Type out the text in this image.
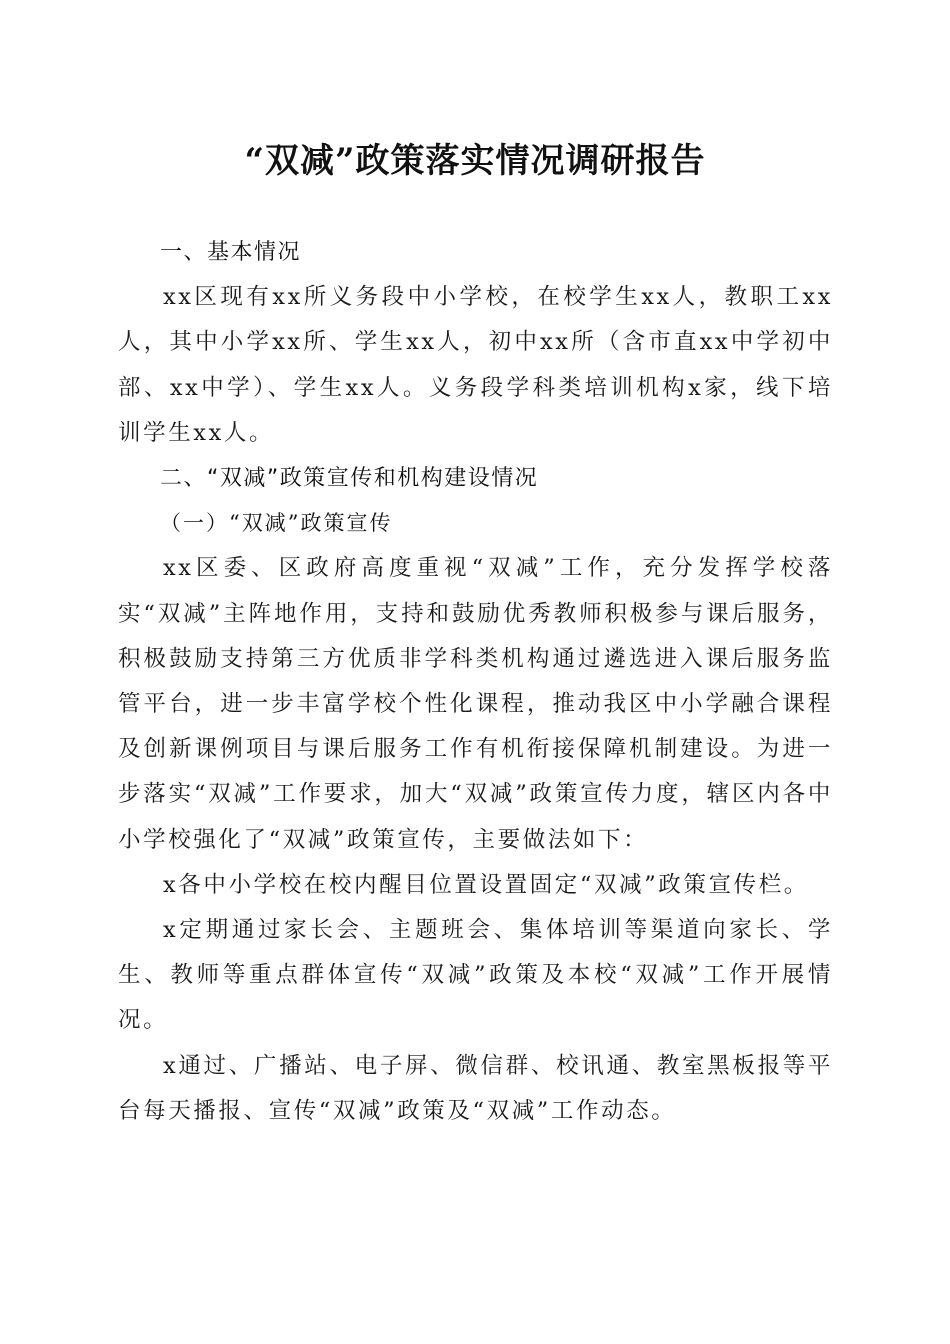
“双减”政策落实情况调研报告
一、基本情况

xx区现有xx所义务段中小学校，在校学生xx人，教职工xx人，其中小学xx所、学生xx人，初中xx所（含市直xx中学初中部、xx中学）、学生xx人。义务段学科类培训机构x家，线下培训学生xx人。

二、“双减”政策宣传和机构建设情况
（一）“双减”政策宣传

xx区委、区政府高度重视“双减”工作，充分发挥学校落实“双减”主阵地作用，支持和鼓励优秀教师积极参与课后服务，积极鼓励支持第三方优质非学科类机构通过遴选进入课后服务监管平台，进一步丰富学校个性化课程，推动我区中小学融合课程及创新课例项目与课后服务工作有机衔接保障机制建设。为进一步落实“双减”工作要求，加大“双减”政策宣传力度，辖区内各中小学校强化了“双减”政策宣传，主要做法如下：

x各中小学校在校内醒目位置设置固定“双减”政策宣传栏。

x定期通过家长会、主题班会、集体培训等渠道向家长、学生、教师等重点群体宣传“双减”政策及本校“双减”工作开展情况。

x通过、广播站、电子屏、微信群、校讯通、教室黑板报等平台每天播报、宣传“双减”政策及“双减”工作动态。
